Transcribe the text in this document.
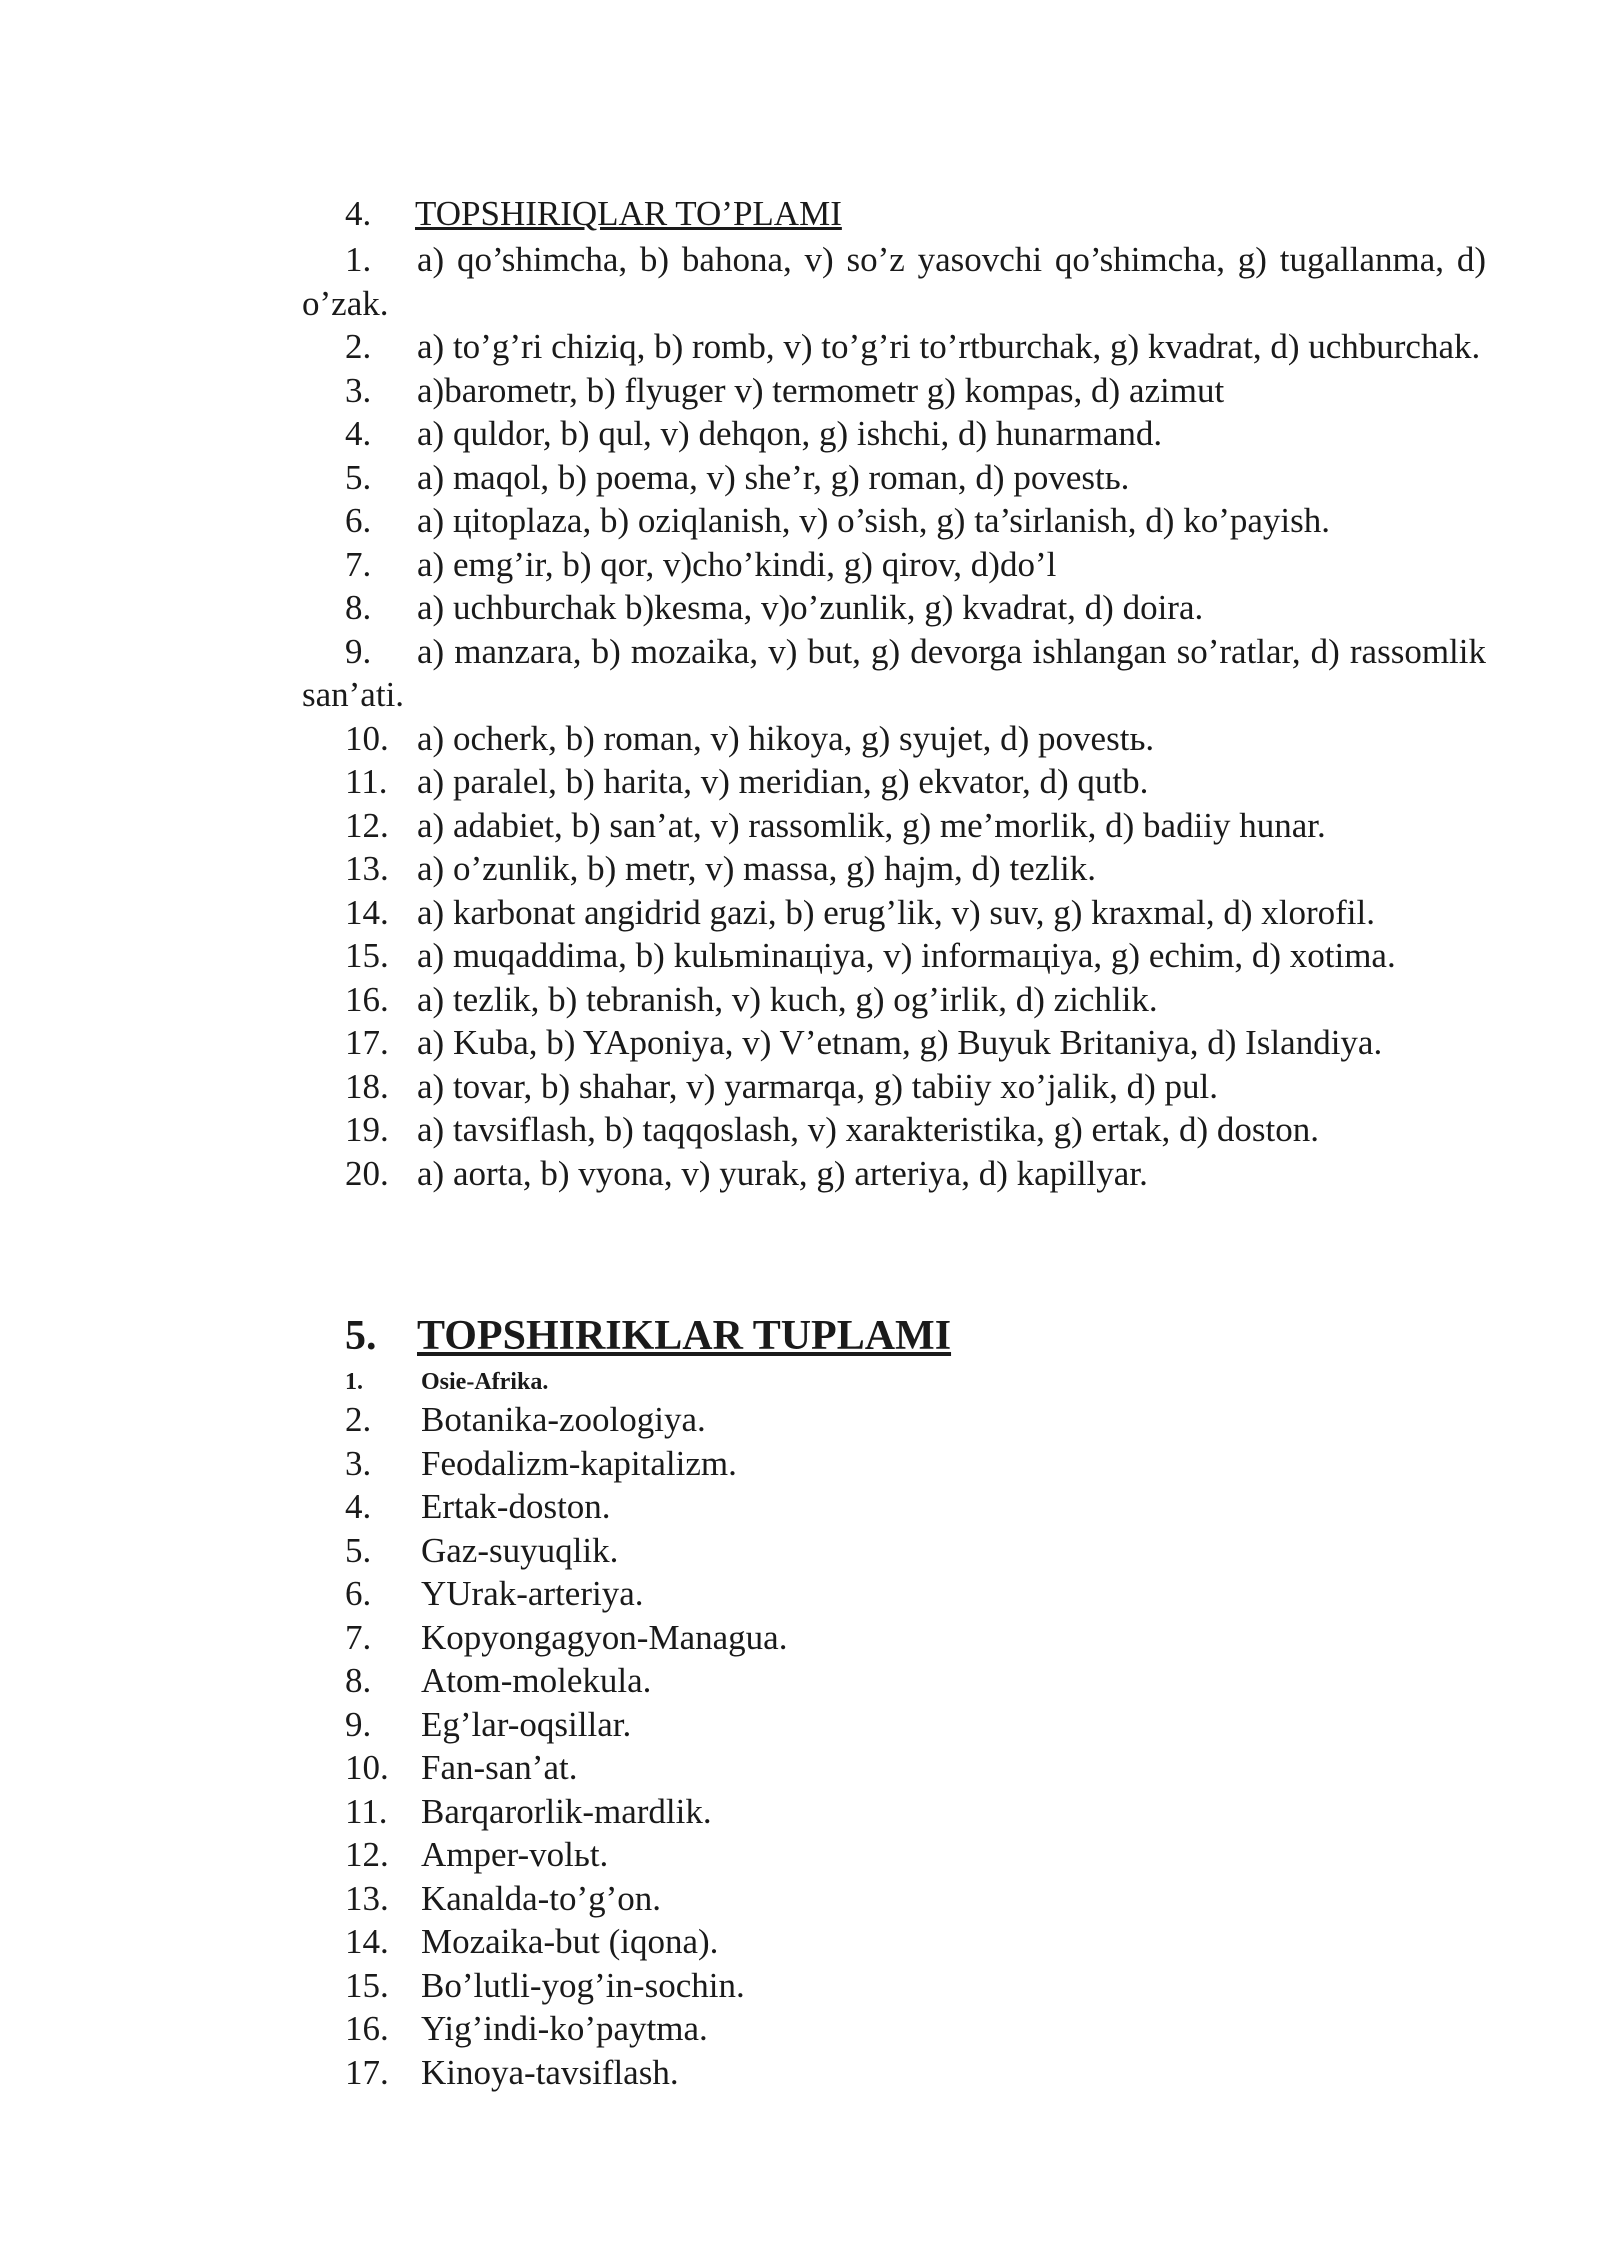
4. TOPSHIRIQLAR TO’PLAMI
1. a) qo’shimcha, b) bahona, v) so’z yasovchi qo’shimcha, g) tugallanma, d) o’zak.
2. a) to’g’ri chiziq, b) romb, v) to’g’ri to’rtburchak, g) kvadrat, d) uchburchak.
3. a)barometr, b) flyuger v) termometr g) kompas, d) azimut
4. a) quldor, b) qul, v) dehqon, g) ishchi, d) hunarmand.
5. a) maqol, b) poema, v) she’r, g) roman, d) povestь.
6. a) цitoplaza, b) oziqlanish, v) o’sish, g) ta’sirlanish, d) ko’payish.
7. a) emg’ir, b) qor, v)cho’kindi, g) qirov, d)do’l
8. a) uchburchak b)kesma, v)o’zunlik, g) kvadrat, d) doira.
9. a) manzara, b) mozaika, v) but, g) devorga ishlangan so’ratlar, d) rassomlik san’ati.
10. a) ocherk, b) roman, v) hikoya, g) syujet, d) povestь.
11. a) paralel, b) harita, v) meridian, g) ekvator, d) qutb.
12. a) adabiet, b) san’at, v) rassomlik, g) me’morlik, d) badiiy hunar.
13. a) o’zunlik, b) metr, v) massa, g) hajm, d) tezlik.
14. a) karbonat angidrid gazi, b) erug’lik, v) suv, g) kraxmal, d) xlorofil.
15. a) muqaddima, b) kulьminaцiya, v) informaцiya, g) echim, d) xotima.
16. a) tezlik, b) tebranish, v) kuch, g) og’irlik, d) zichlik.
17. a) Kuba, b) YAponiya, v) V’etnam, g) Buyuk Britaniya, d) Islandiya.
18. a) tovar, b) shahar, v) yarmarqa, g) tabiiy xo’jalik, d) pul.
19. a) tavsiflash, b) taqqoslash, v) xarakteristika, g) ertak, d) doston.
20. a) aorta, b) vyona, v) yurak, g) arteriya, d) kapillyar.
5. TOPSHIRIKLAR TUPLAMI
1. Osie-Afrika.
2. Botanika-zoologiya.
3. Feodalizm-kapitalizm.
4. Ertak-doston.
5. Gaz-suyuqlik.
6. YUrak-arteriya.
7. Kopyongagyon-Managua.
8. Atom-molekula.
9. Eg’lar-oqsillar.
10. Fan-san’at.
11. Barqarorlik-mardlik.
12. Amper-volьt.
13. Kanalda-to’g’on.
14. Mozaika-but (iqona).
15. Bo’lutli-yog’in-sochin.
16. Yig’indi-ko’paytma.
17. Kinoya-tavsiflash.
